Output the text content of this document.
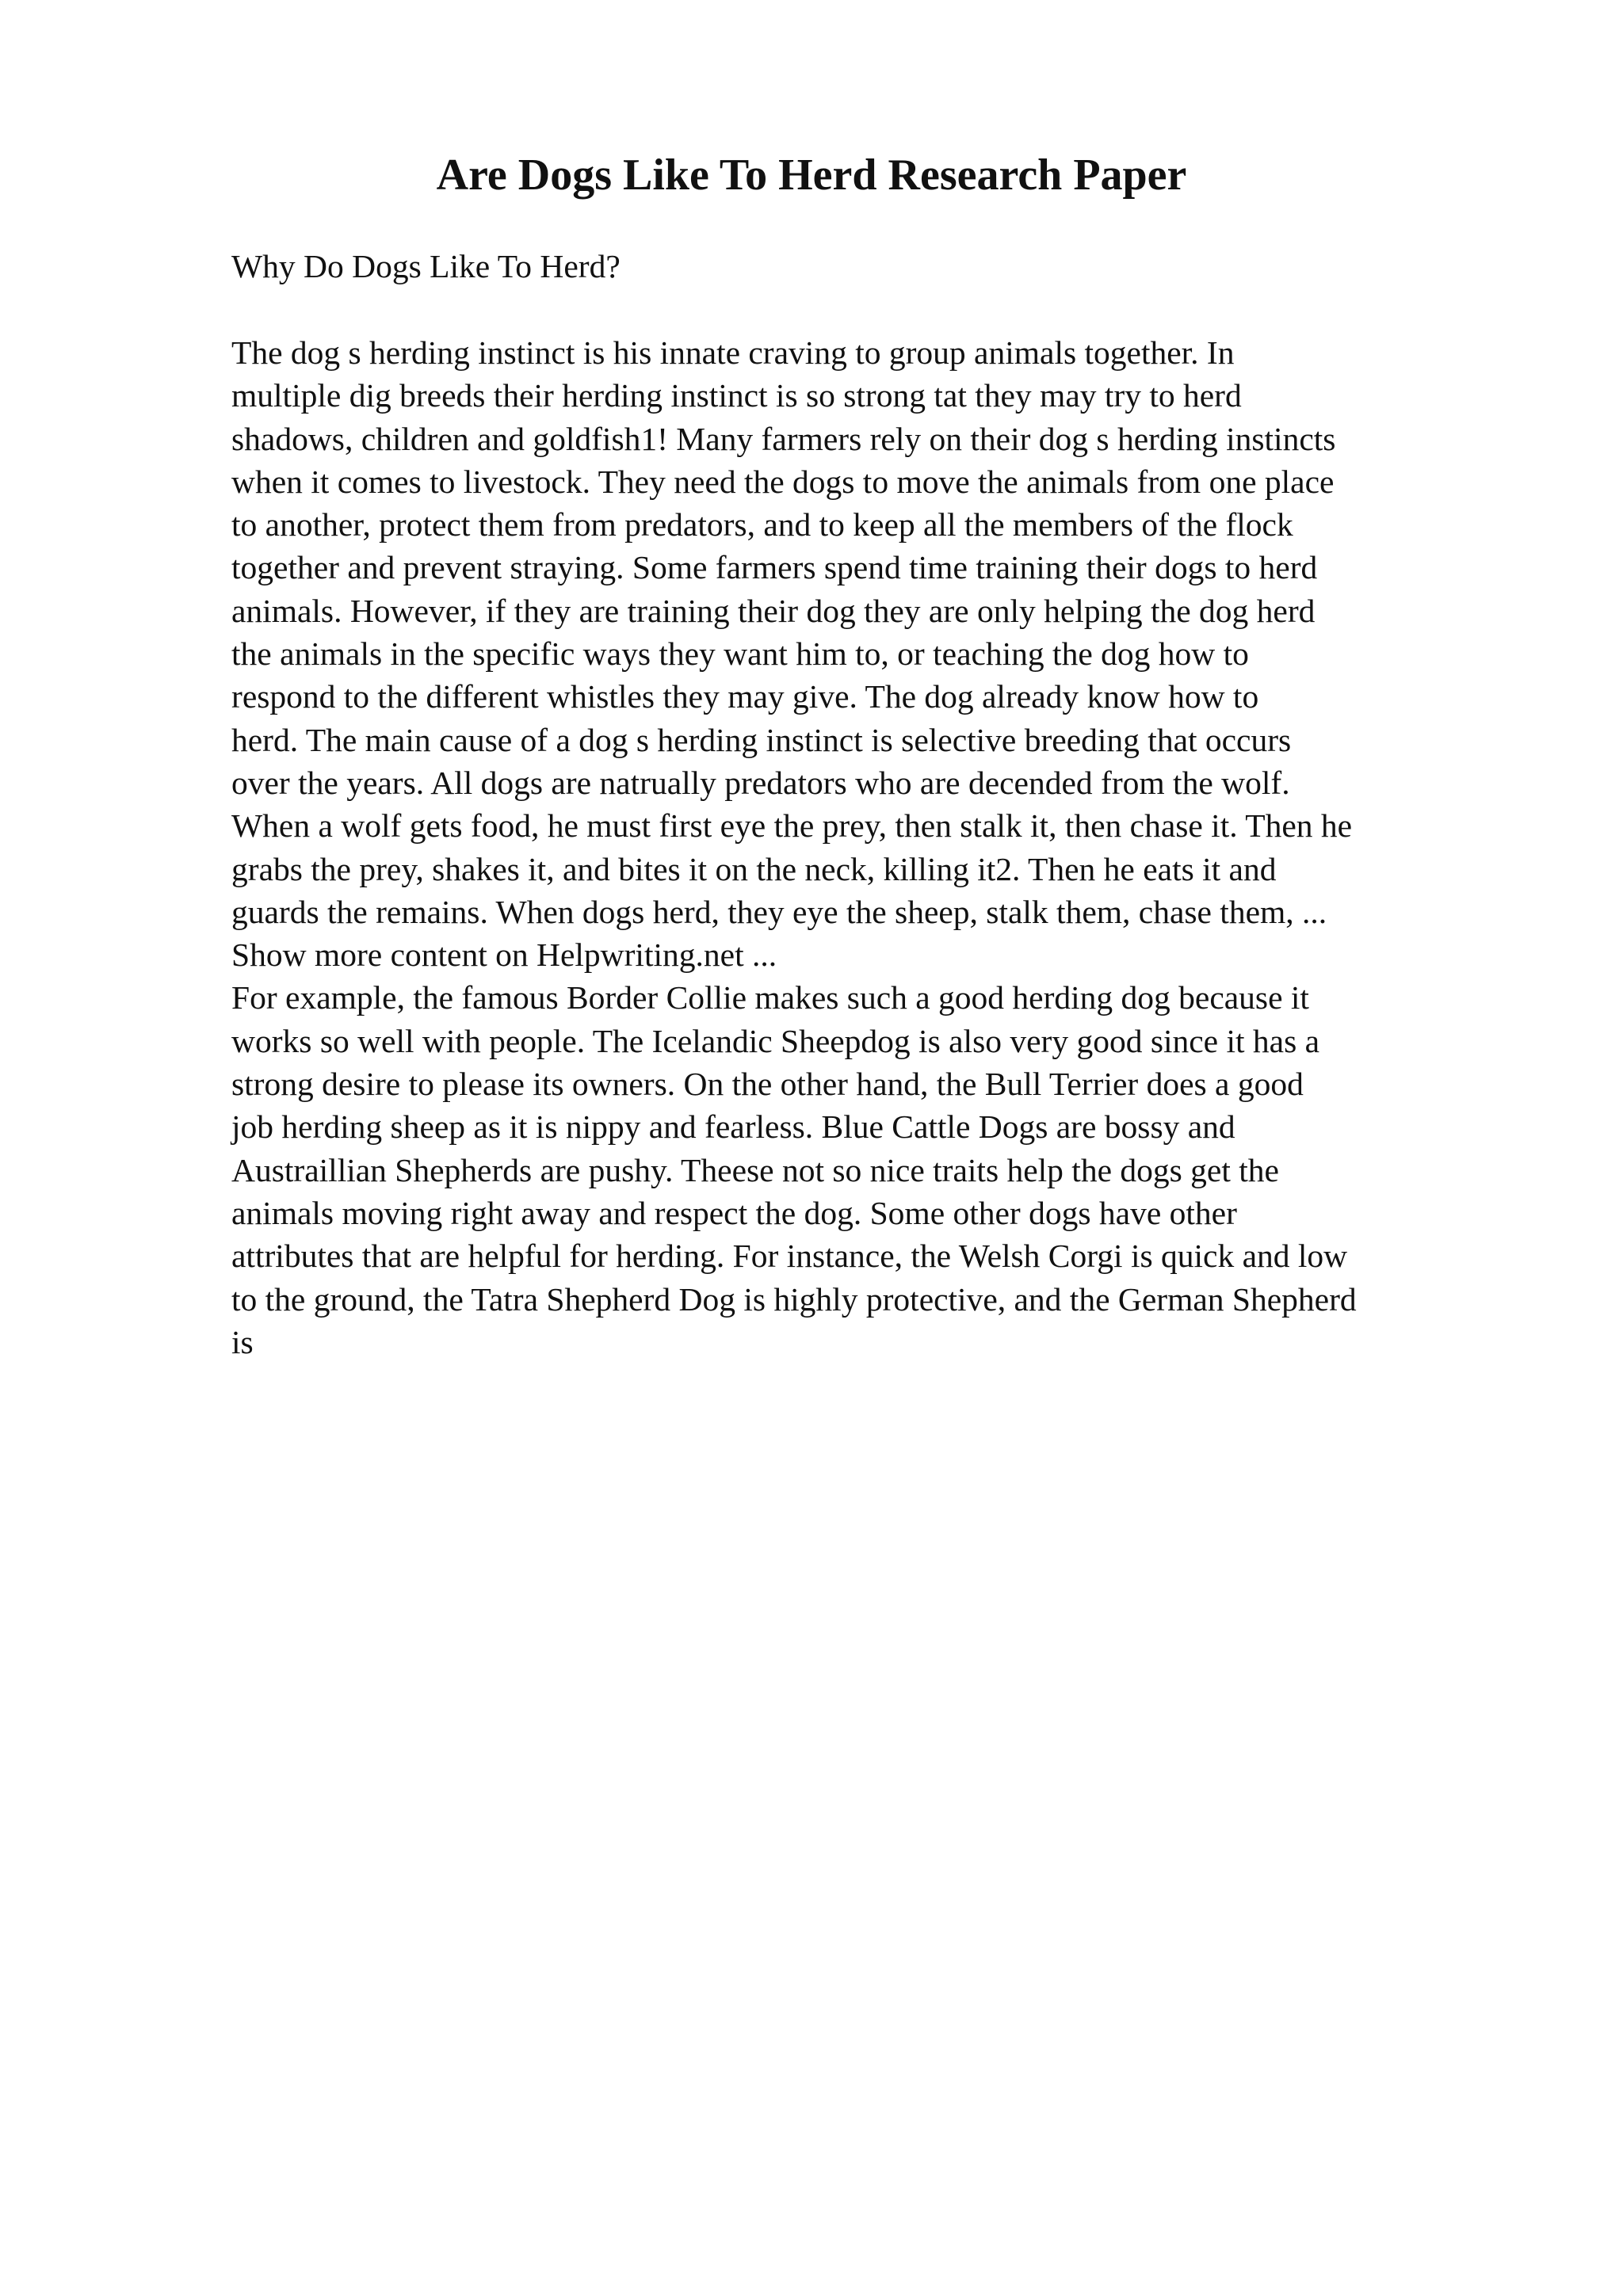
Are Dogs Like To Herd Research Paper

Why Do Dogs Like To Herd?

The dog s herding instinct is his innate craving to group animals together. In
multiple dig breeds their herding instinct is so strong tat they may try to herd
shadows, children and goldfish1! Many farmers rely on their dog s herding instincts
when it comes to livestock. They need the dogs to move the animals from one place
to another, protect them from predators, and to keep all the members of the flock
together and prevent straying. Some farmers spend time training their dogs to herd
animals. However, if they are training their dog they are only helping the dog herd
the animals in the specific ways they want him to, or teaching the dog how to
respond to the different whistles they may give. The dog already know how to
herd. The main cause of a dog s herding instinct is selective breeding that occurs
over the years. All dogs are natrually predators who are decended from the wolf.
When a wolf gets food, he must first eye the prey, then stalk it, then chase it. Then he
grabs the prey, shakes it, and bites it on the neck, killing it2. Then he eats it and
guards the remains. When dogs herd, they eye the sheep, stalk them, chase them, ...
Show more content on Helpwriting.net ...
For example, the famous Border Collie makes such a good herding dog because it
works so well with people. The Icelandic Sheepdog is also very good since it has a
strong desire to please its owners. On the other hand, the Bull Terrier does a good
job herding sheep as it is nippy and fearless. Blue Cattle Dogs are bossy and
Austraillian Shepherds are pushy. Theese not so nice traits help the dogs get the
animals moving right away and respect the dog. Some other dogs have other
attributes that are helpful for herding. For instance, the Welsh Corgi is quick and low
to the ground, the Tatra Shepherd Dog is highly protective, and the German Shepherd
is
